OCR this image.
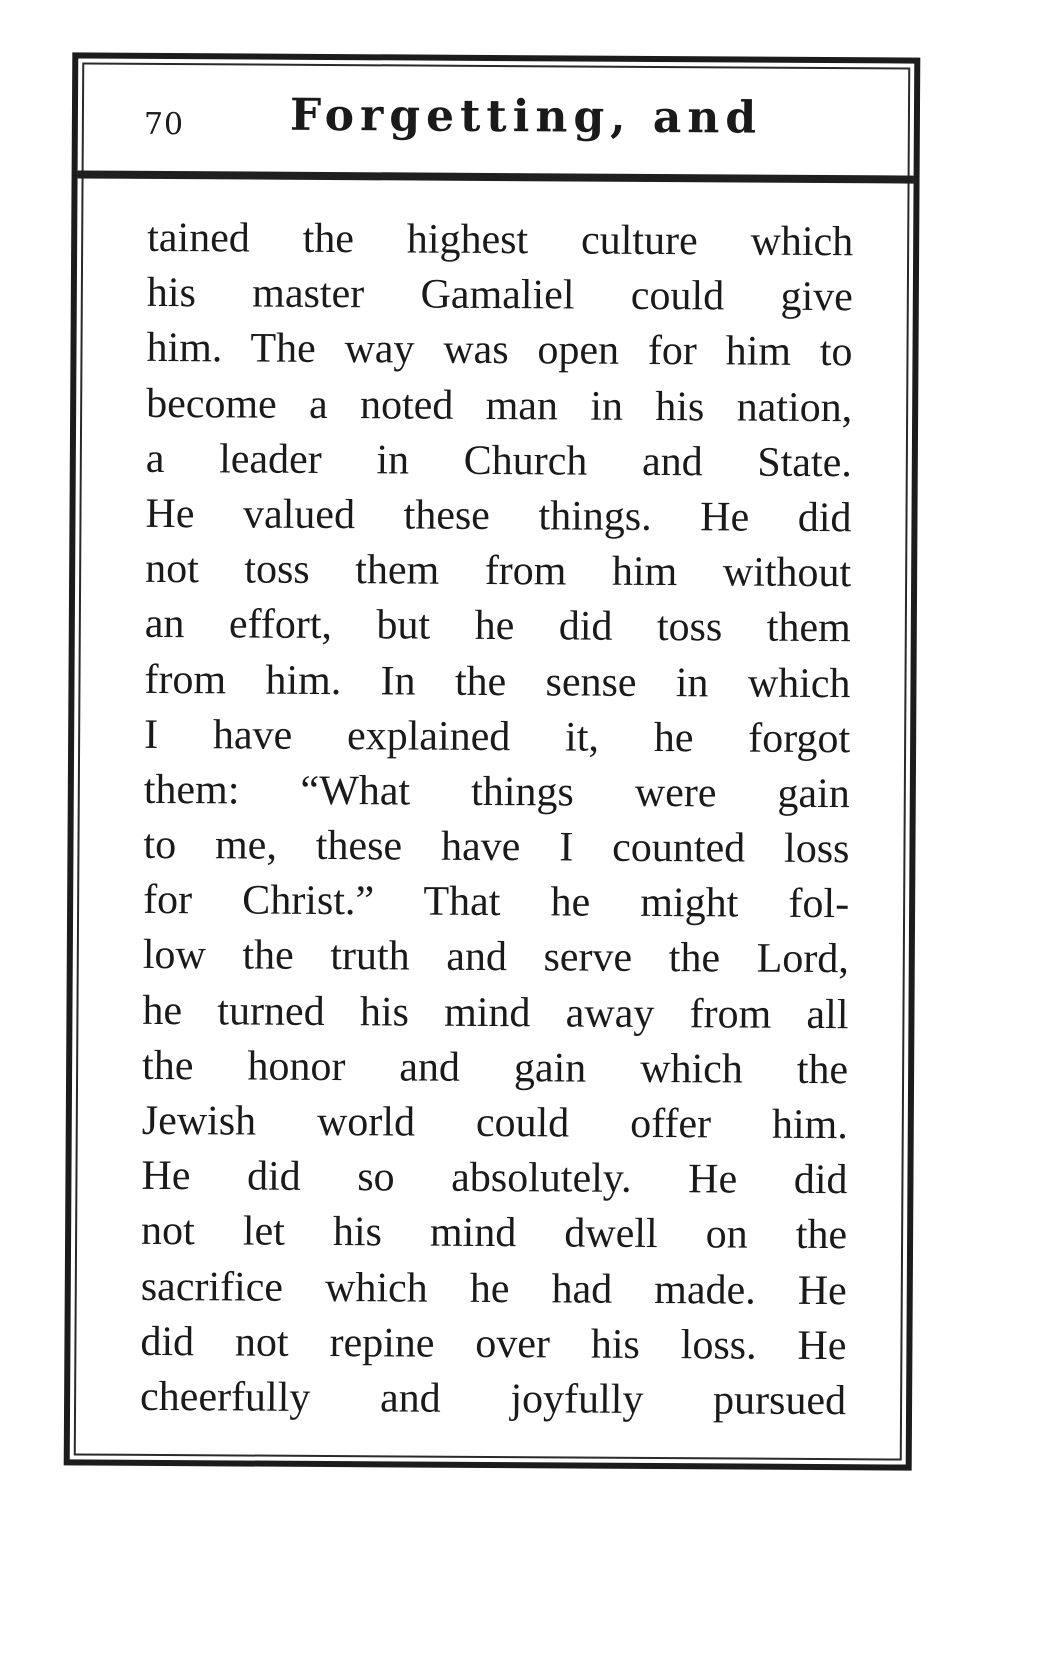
70 Forgetting, and
tained the highest culture which
his master Gamaliel could give
him. The way was open for him to
become a noted man in his nation,
a leader in Church and State.
He valued these things. He did
not toss them from him without
an effort, but he did toss them
from him. In the sense in which
I have explained it, he forgot
them: “What things were gain
to me, these have I counted loss
for Christ.” That he might fol-
low the truth and serve the Lord,
he turned his mind away from all
the honor and gain which the
Jewish world could offer him.
He did so absolutely. He did
not let his mind dwell on the
sacrifice which he had made. He
did not repine over his loss. He
cheerfully and joyfully pursued
